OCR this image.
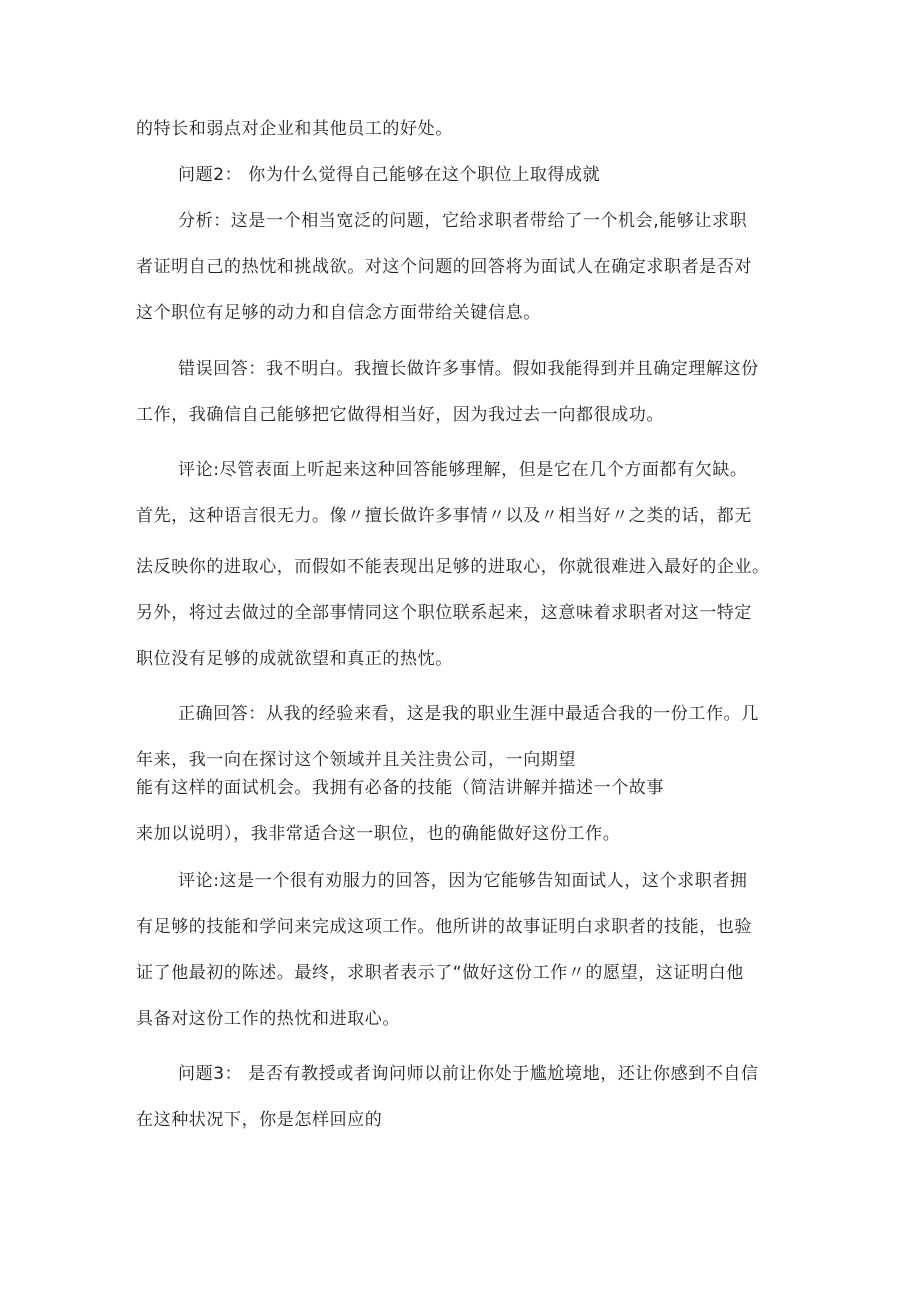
的特长和弱点对企业和其他员工的好处。
问题2： 你为什么觉得自己能够在这个职位上取得成就
分析：这是一个相当宽泛的问题，它给求职者带给了一个机会,能够让求职
者证明自己的热忱和挑战欲。对这个问题的回答将为面试人在确定求职者是否对
这个职位有足够的动力和自信念方面带给关键信息。
错误回答：我不明白。我擅长做许多事情。假如我能得到并且确定理解这份
工作，我确信自己能够把它做得相当好，因为我过去一向都很成功。
评论:尽管表面上听起来这种回答能够理解，但是它在几个方面都有欠缺。
首先，这种语言很无力。像〃擅长做许多事情〃以及〃相当好〃之类的话，都无
法反映你的进取心，而假如不能表现出足够的进取心，你就很难进入最好的企业。
另外，将过去做过的全部事情同这个职位联系起来，这意味着求职者对这一特定
职位没有足够的成就欲望和真正的热忱。
正确回答：从我的经验来看，这是我的职业生涯中最适合我的一份工作。几
年来，我一向在探讨这个领域并且关注贵公司，一向期望
能有这样的面试机会。我拥有必备的技能（简洁讲解并描述一个故事
来加以说明），我非常适合这一职位，也的确能做好这份工作。
评论:这是一个很有劝服力的回答，因为它能够告知面试人，这个求职者拥
有足够的技能和学问来完成这项工作。他所讲的故事证明白求职者的技能，也验
证了他最初的陈述。最终，求职者表示了“做好这份工作〃的愿望，这证明白他
具备对这份工作的热忱和进取心。
问题3： 是否有教授或者询问师以前让你处于尴尬境地，还让你感到不自信
在这种状况下，你是怎样回应的
